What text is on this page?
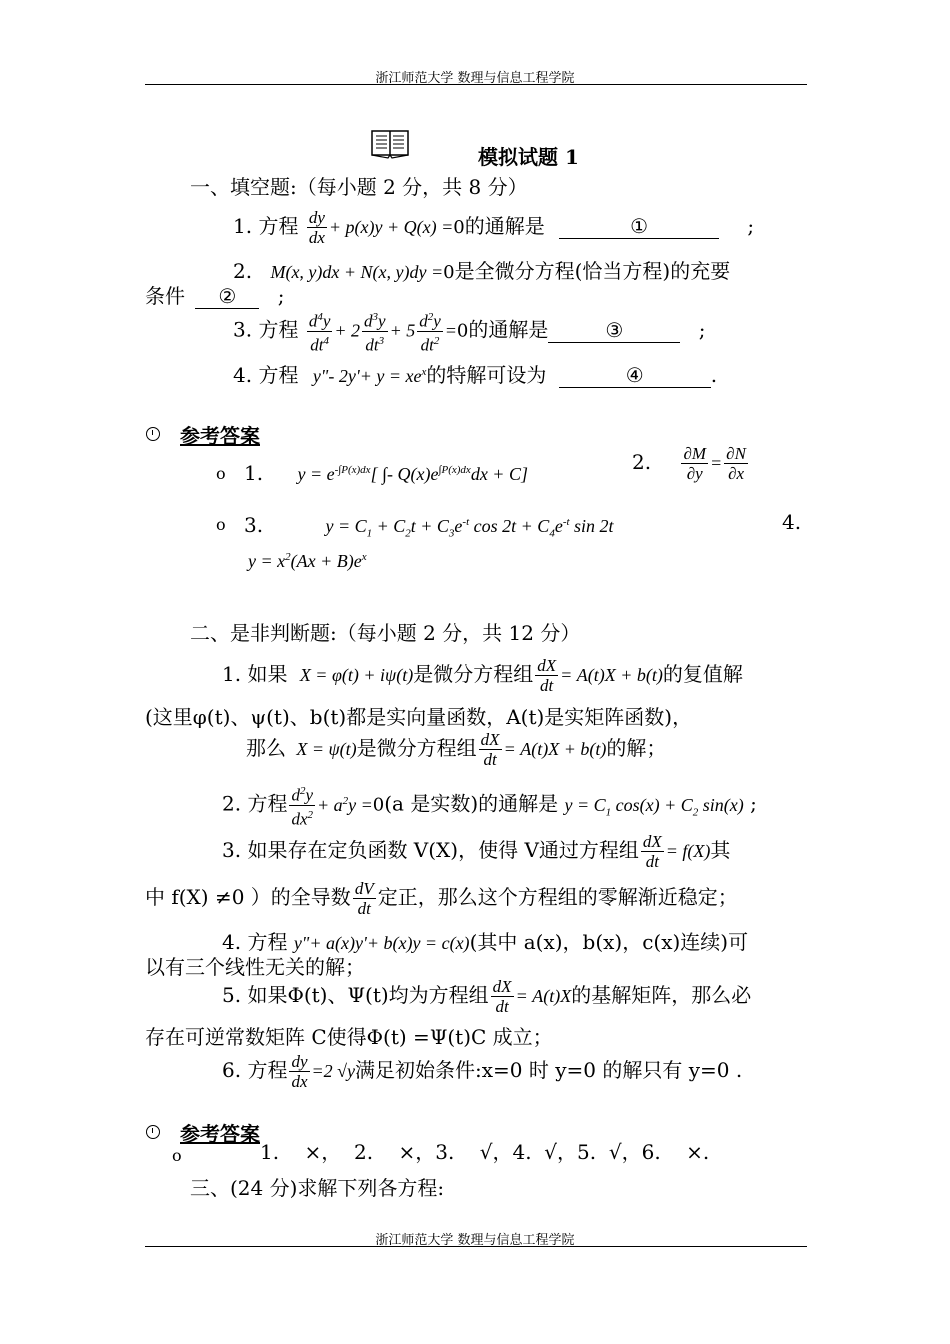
浙江师范大学 数理与信息工程学院
模拟试题 1
一、填空题:（每小题 2 分，共 8 分）
1. 方程 $\frac{dy}{dx} + p(x)y + Q(x) =0$的通解是	①	;
2. M(x, y)dx + N(x, y)dy =0是全微分方程(恰当方程)的充要
条件 ② ;
3. 方程 $\frac{d^4y}{dt^4} + 2 \frac{d^3y}{dt^3} + 5 \frac{d^2y}{dt^2} =0$的通解是	③	;
4. 方程 y"- $2y'+ y = xe^x$的特解可设为	④	.
参考答案
o 1. $y = e^{-\int P(x)dx}$[ ∫- $Q(x)e^{\int P(x)dx}dx + C$]	2. $\frac{\partial M}{\partial y} = \frac{\partial N}{\partial x}$
o 3.	$y = C_1 + C_2t + C_3e^{-t}$ $\cos 2t + C_4e^{-t}$ sin 2t	4.
$y = x^2(Ax + B)e^x$
二、是非判断题:（每小题 2 分，共 12 分）
1. 如果 X = φ(t) + iψ(t)是微分方程组 $\frac{dX}{dt} = A(t)X + b(t)$的复值解
(这里φ(t)、ψ(t)、b(t)都是实向量函数，A(t)是实矩阵函数)，
那么 X = ψ(t)是微分方程组 $\frac{dX}{dt} = A(t)X + b(t)$的解；
2. 方程 $\frac{d^2y}{dx^2} + a^2y =0(a$ 是实数)的通解是 $y = C_1$ $\cos(x) + C_2$ sin(x) ;
3. 如果存在定负函数 V(X)，使得 V通过方程组 $\frac{dX}{dt} = f(X)$其
中 f(X) ≠0 ）的全导数 $\frac{dV}{dt}$ 定正，那么这个方程组的零解渐近稳定；
4. 方程 y"+ a(x)y'+ b(x)y = c(x)(其中 a(x)，b(x)，c(x)连续)可
以有三个线性无关的解；
5. 如果Φ(t)、Ψ(t)均为方程组 $\frac{dX}{dt} = A(t)X$的基解矩阵，那么必
存在可逆常数矩阵 C使得Φ(t) =Ψ(t)C 成立；
6. 方程 $\frac{dy}{dx} =2$ √y满足初始条件:x=0 时 y=0 的解只有 y=0 .
参考答案
o	1.    ×，  2.    ×，3.    √，4.  √，5.  √，6.    ×.
三、(24 分)求解下列各方程:
浙江师范大学 数理与信息工程学院
